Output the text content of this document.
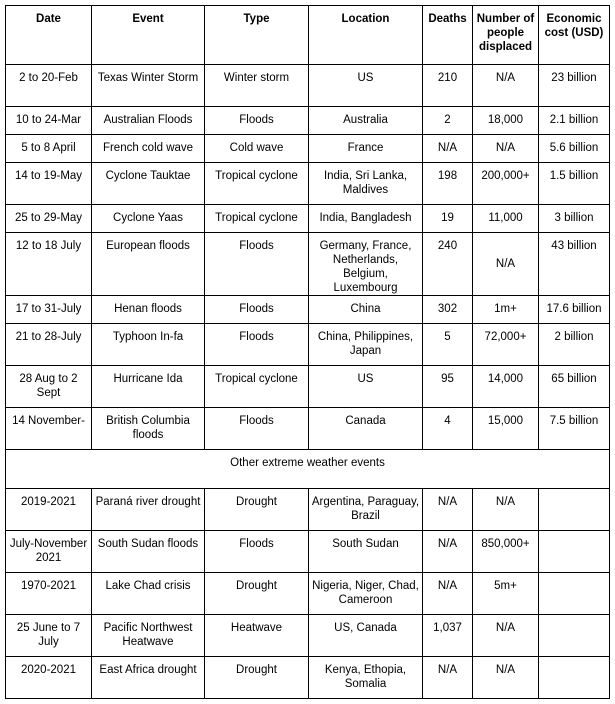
Date	Event	Type	Location	Deaths	Number of people displaced	Economic cost (USD)
2 to 20-Feb	Texas Winter Storm	Winter storm	US	210	N/A	23 billion
10 to 24-Mar	Australian Floods	Floods	Australia	2	18,000	2.1 billion
5 to 8 April	French cold wave	Cold wave	France	N/A	N/A	5.6 billion
14 to 19-May	Cyclone Tauktae	Tropical cyclone	India, Sri Lanka, Maldives	198	200,000+	1.5 billion
25 to 29-May	Cyclone Yaas	Tropical cyclone	India, Bangladesh	19	11,000	3 billion
12 to 18 July	European floods	Floods	Germany, France, Netherlands, Belgium, Luxembourg	240	N/A	43 billion
17 to 31-July	Henan floods	Floods	China	302	1m+	17.6 billion
21 to 28-July	Typhoon In-fa	Floods	China, Philippines, Japan	5	72,000+	2 billion
28 Aug to 2 Sept	Hurricane Ida	Tropical cyclone	US	95	14,000	65 billion
14 November-	British Columbia floods	Floods	Canada	4	15,000	7.5 billion
Other extreme weather events						
2019-2021	Paraná river drought	Drought	Argentina, Paraguay, Brazil	N/A	N/A	
July-November 2021	South Sudan floods	Floods	South Sudan	N/A	850,000+	
1970-2021	Lake Chad crisis	Drought	Nigeria, Niger, Chad, Cameroon	N/A	5m+	
25 June to 7 July	Pacific Northwest Heatwave	Heatwave	US, Canada	1,037	N/A	
2020-2021	East Africa drought	Drought	Kenya, Ethopia, Somalia	N/A	N/A	
